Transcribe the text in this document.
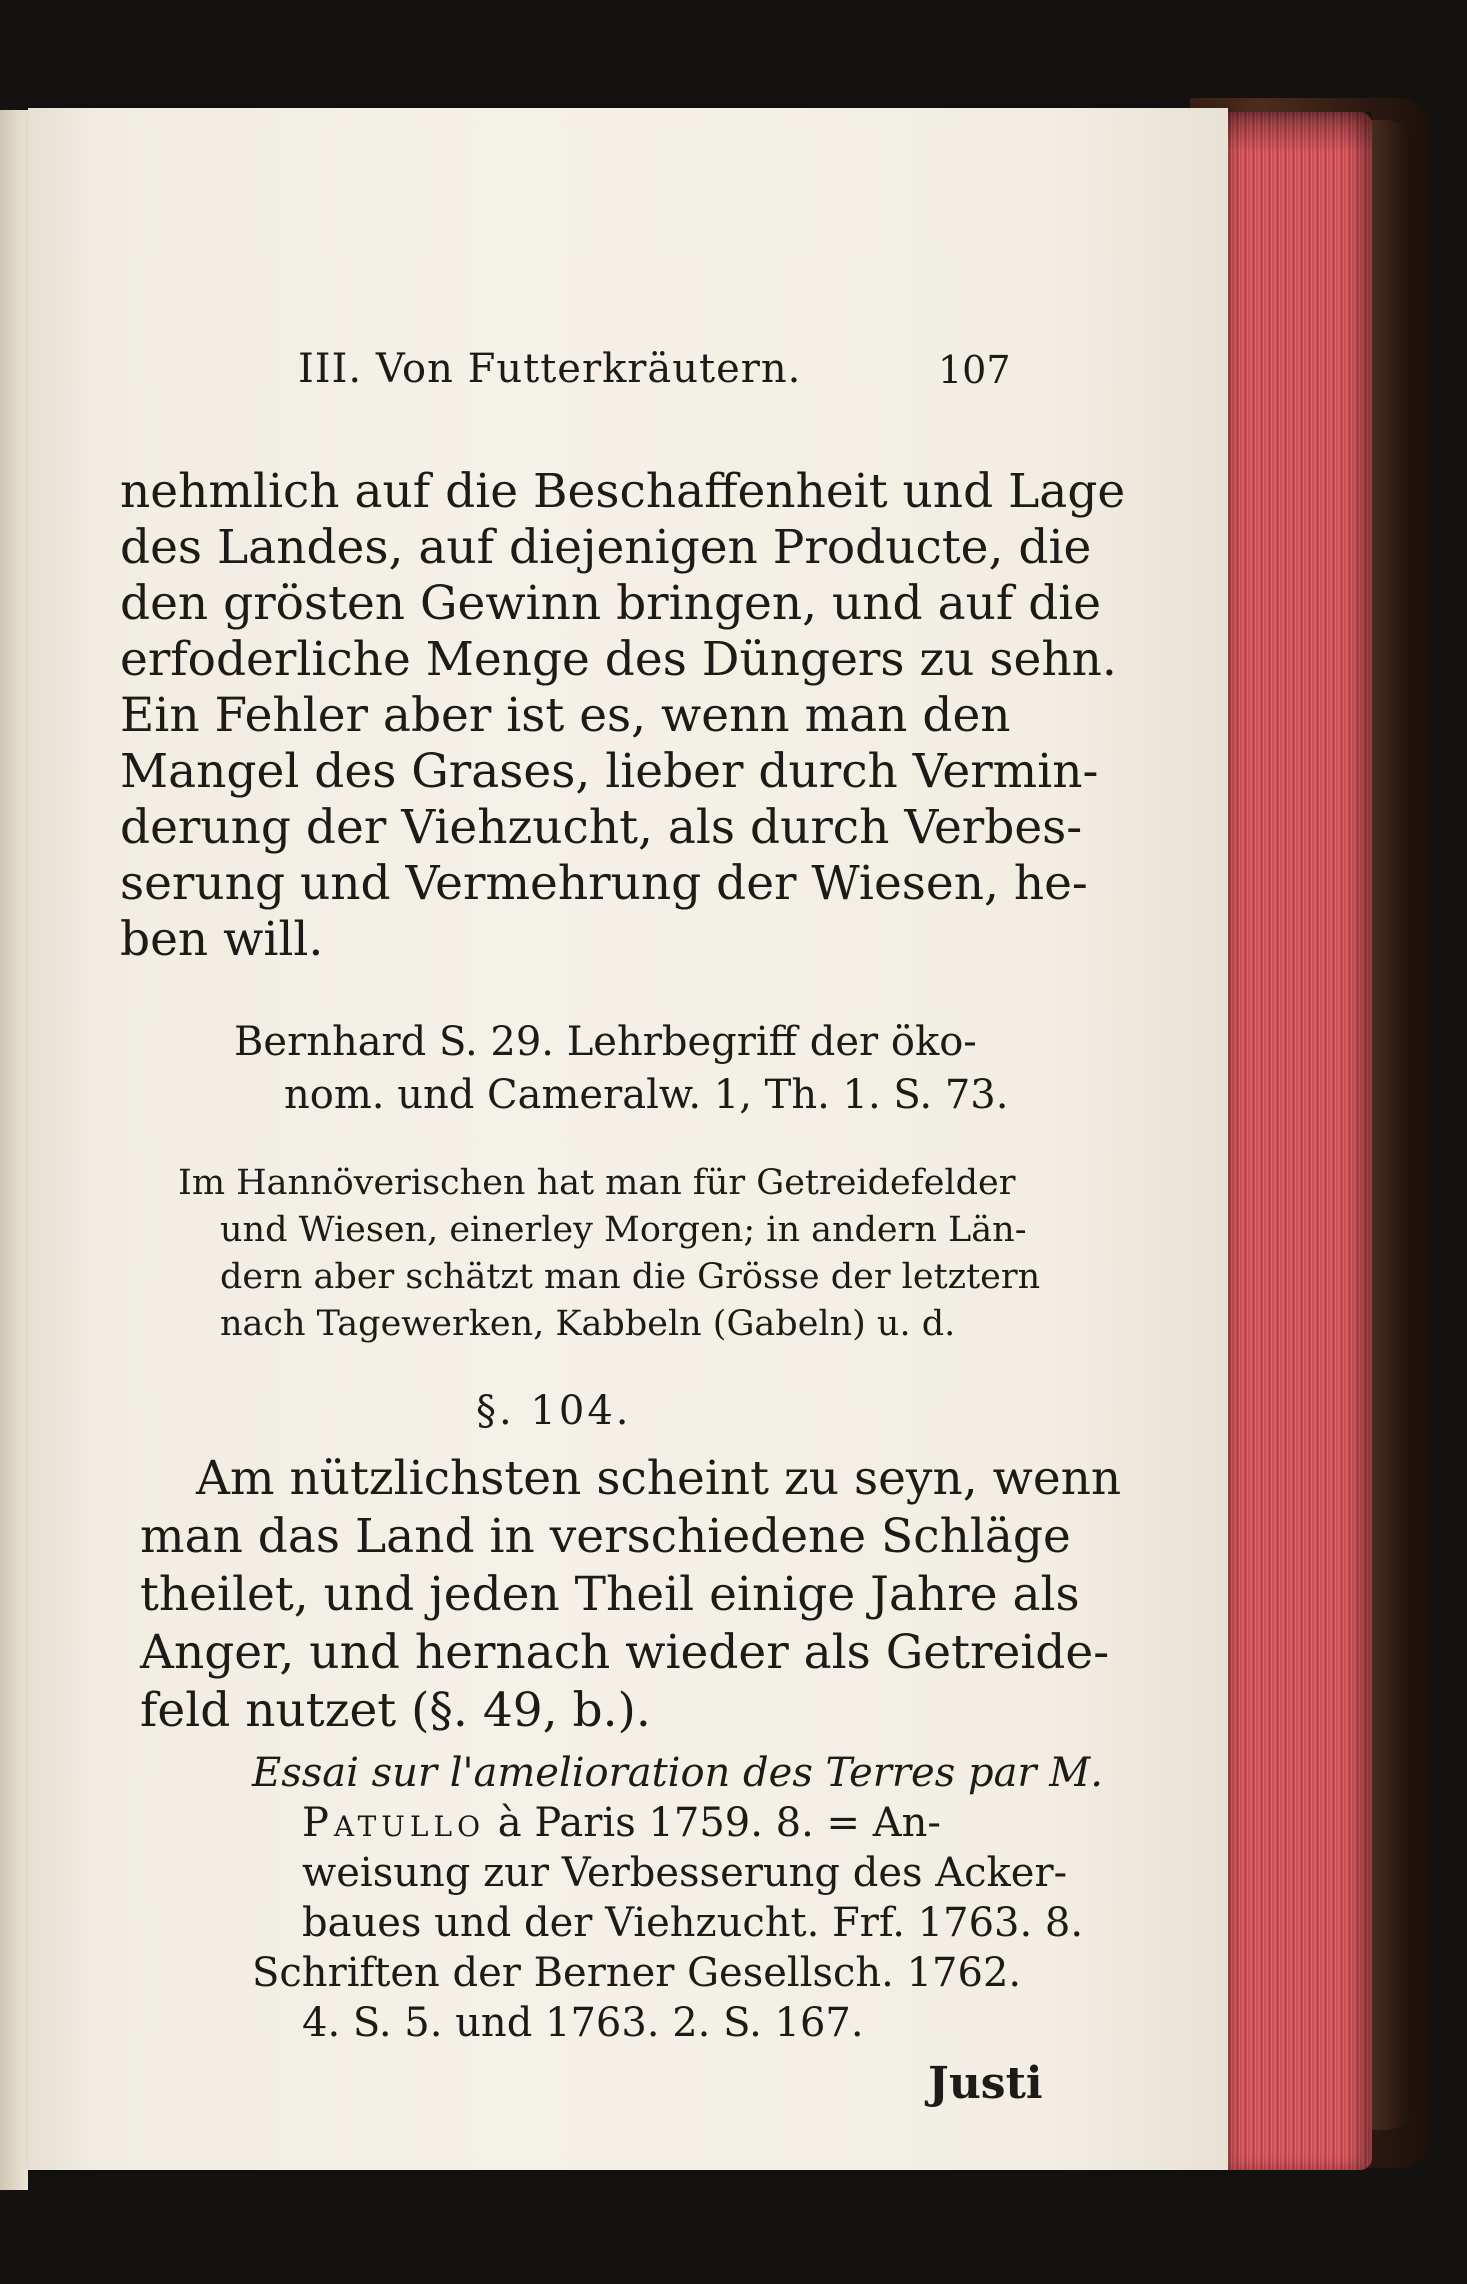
III. Von Futterkräutern.	107
nehmlich auf die Beschaffenheit und Lage
des Landes, auf diejenigen Producte, die
den grösten Gewinn bringen, und auf die
erfoderliche Menge des Düngers zu sehn.
Ein Fehler aber ist es, wenn man den
Mangel des Grases, lieber durch Vermin-
derung der Viehzucht, als durch Verbes-
serung und Vermehrung der Wiesen, he-
ben will.
Bernhard S. 29. Lehrbegriff der öko-
nom. und Cameralw. 1, Th. 1. S. 73.
Im Hannöverischen hat man für Getreidefelder
und Wiesen, einerley Morgen; in andern Län-
dern aber schätzt man die Grösse der letztern
nach Tagewerken, Kabbeln (Gabeln) u. d.
§. 104.
Am nützlichsten scheint zu seyn, wenn
man das Land in verschiedene Schläge
theilet, und jeden Theil einige Jahre als
Anger, und hernach wieder als Getreide-
feld nutzet (§. 49, b.).
Essai sur l'amelioration des Terres par M.
Patullo à Paris 1759. 8. = An-
weisung zur Verbesserung des Acker-
baues und der Viehzucht. Frf. 1763. 8.
Schriften der Berner Gesellsch. 1762.
4. S. 5. und 1763. 2. S. 167.
Justi
